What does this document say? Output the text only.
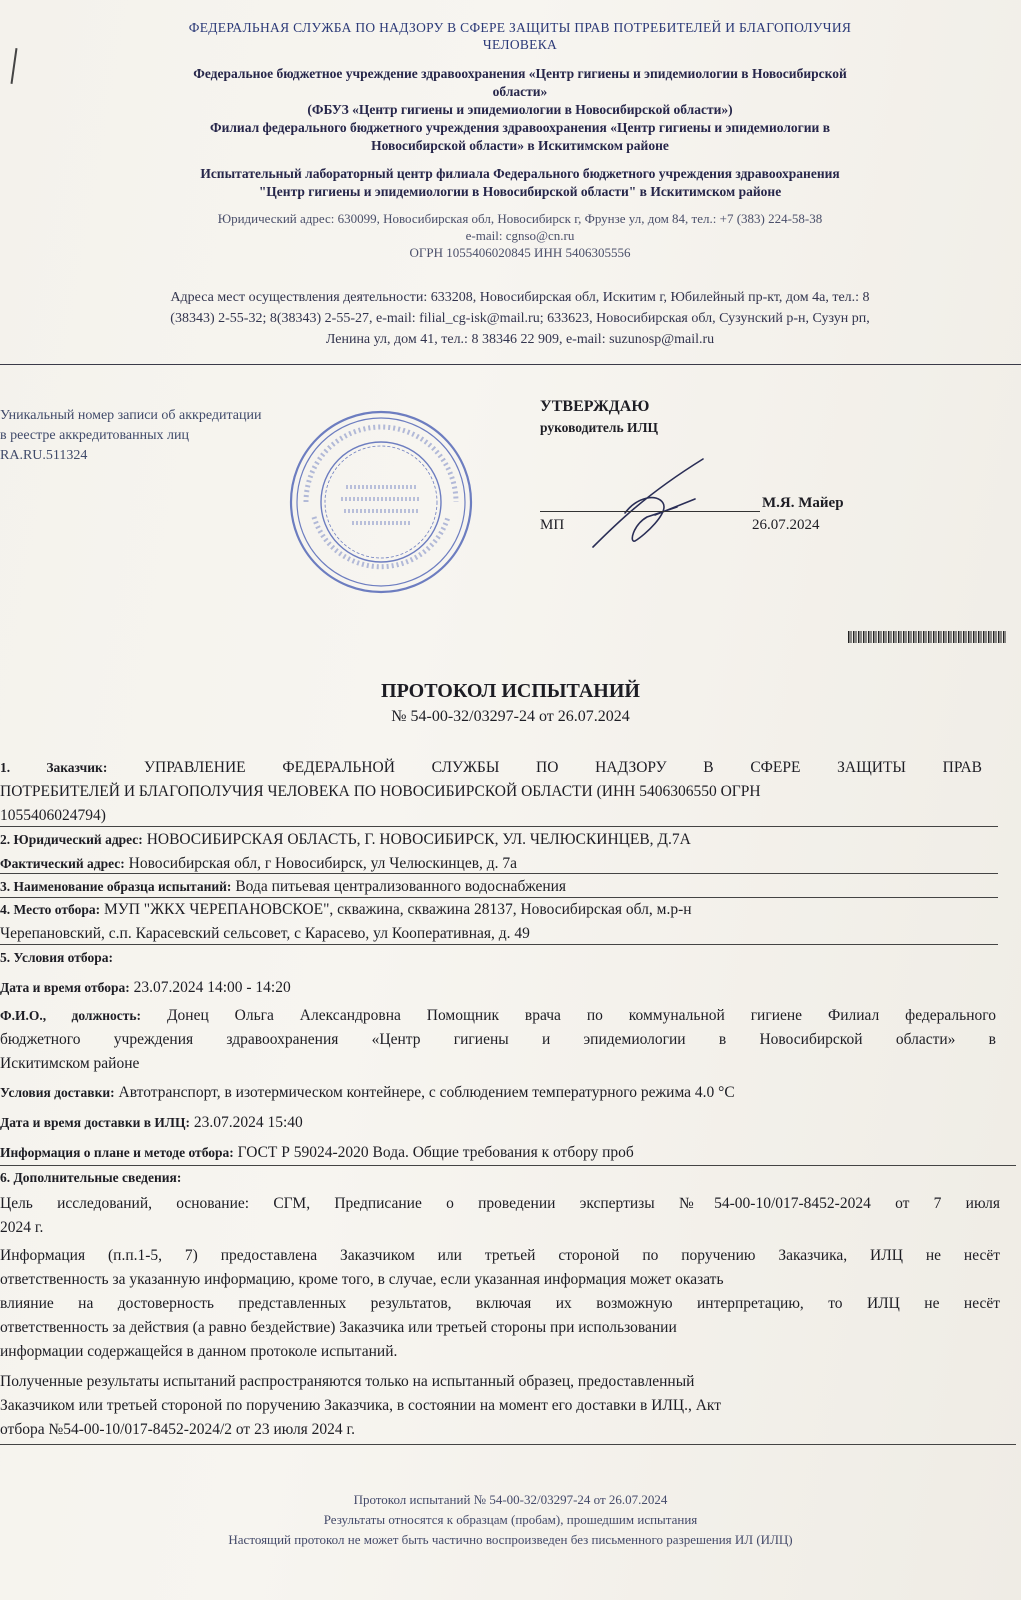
ФЕДЕРАЛЬНАЯ СЛУЖБА ПО НАДЗОРУ В СФЕРЕ ЗАЩИТЫ ПРАВ ПОТРЕБИТЕЛЕЙ И БЛАГОПОЛУЧИЯ
ЧЕЛОВЕКА
Федеральное бюджетное учреждение здравоохранения «Центр гигиены и эпидемиологии в Новосибирской
области»
(ФБУЗ «Центр гигиены и эпидемиологии в Новосибирской области»)
Филиал федерального бюджетного учреждения здравоохранения «Центр гигиены и эпидемиологии в
Новосибирской области» в Искитимском районе
Испытательный лабораторный центр филиала Федерального бюджетного учреждения здравоохранения
"Центр гигиены и эпидемиологии в Новосибирской области" в Искитимском районе
Юридический адрес: 630099, Новосибирская обл, Новосибирск г, Фрунзе ул, дом 84, тел.: +7 (383) 224-58-38
e-mail: cgnso@cn.ru
ОГРН 1055406020845 ИНН 5406305556
Адреса мест осуществления деятельности: 633208, Новосибирская обл, Искитим г, Юбилейный пр-кт, дом 4а, тел.: 8
(38343) 2-55-32; 8(38343) 2-55-27, e-mail: filial_cg-isk@mail.ru; 633623, Новосибирская обл, Сузунский р-н, Сузун рп,
Ленина ул, дом 41, тел.: 8 38346 22 909, e-mail: suzunosp@mail.ru
Уникальный номер записи об аккредитации
в реестре аккредитованных лиц
RA.RU.511324
УТВЕРЖДАЮ
руководитель ИЛЦ
М.Я. Майер
МП	26.07.2024
ПРОТОКОЛ ИСПЫТАНИЙ
№ 54-00-32/03297-24 от 26.07.2024
1. Заказчик: УПРАВЛЕНИЕ ФЕДЕРАЛЬНОЙ СЛУЖБЫ ПО НАДЗОРУ В СФЕРЕ ЗАЩИТЫ ПРАВ
ПОТРЕБИТЕЛЕЙ И БЛАГОПОЛУЧИЯ ЧЕЛОВЕКА ПО НОВОСИБИРСКОЙ ОБЛАСТИ (ИНН 5406306550 ОГРН
1055406024794)
2. Юридический адрес: НОВОСИБИРСКАЯ ОБЛАСТЬ, Г. НОВОСИБИРСК, УЛ. ЧЕЛЮСКИНЦЕВ, Д.7А
Фактический адрес: Новосибирская обл, г Новосибирск, ул Челюскинцев, д. 7а
3. Наименование образца испытаний: Вода питьевая централизованного водоснабжения
4. Место отбора: МУП "ЖКХ ЧЕРЕПАНОВСКОЕ", скважина, скважина 28137, Новосибирская обл, м.р-н
Черепановский, с.п. Карасевский сельсовет, с Карасево, ул Кооперативная, д. 49
5. Условия отбора:
Дата и время отбора: 23.07.2024 14:00 - 14:20
Ф.И.О., должность: Донец Ольга Александровна Помощник врача по коммунальной гигиене Филиал федерального
бюджетного учреждения здравоохранения «Центр гигиены и эпидемиологии в Новосибирской области» в
Искитимском районе
Условия доставки: Автотранспорт, в изотермическом контейнере, с соблюдением температурного режима 4.0 °С
Дата и время доставки в ИЛЦ: 23.07.2024 15:40
Информация о плане и методе отбора: ГОСТ Р 59024-2020 Вода. Общие требования к отбору проб
6. Дополнительные сведения:
Цель исследований, основание: СГМ, Предписание о проведении экспертизы №54-00-10/017-8452-2024 от 7 июля
2024 г.
Информация (п.п.1-5, 7) предоставлена Заказчиком или третьей стороной по поручению Заказчика, ИЛЦ не несёт
ответственность за указанную информацию, кроме того, в случае, если указанная информация может оказать
влияние на достоверность представленных результатов, включая их возможную интерпретацию, то ИЛЦ не несёт
ответственность за действия (а равно бездействие) Заказчика или третьей стороны при использовании
информации содержащейся в данном протоколе испытаний.
Полученные результаты испытаний распространяются только на испытанный образец, предоставленный
Заказчиком или третьей стороной по поручению Заказчика, в состоянии на момент его доставки в ИЛЦ., Акт
отбора №54-00-10/017-8452-2024/2 от 23 июля 2024 г.
Протокол испытаний № 54-00-32/03297-24 от 26.07.2024
Результаты относятся к образцам (пробам), прошедшим испытания
Настоящий протокол не может быть частично воспроизведен без письменного разрешения ИЛ (ИЛЦ)
